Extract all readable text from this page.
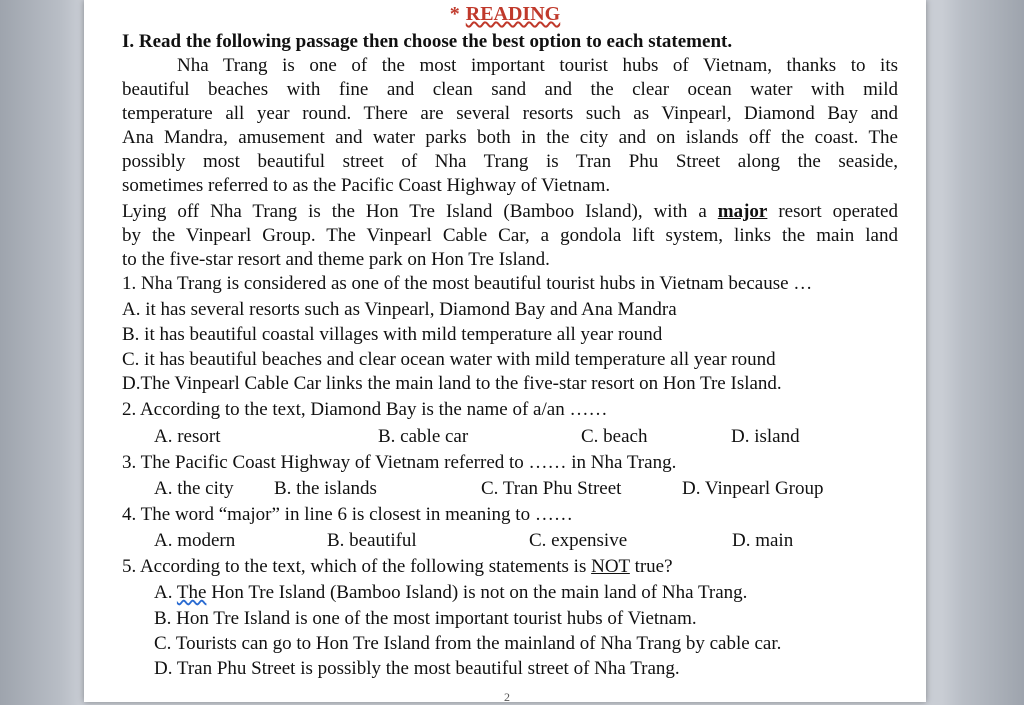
* READING
I. Read the following passage then choose the best option to each statement.
Nha Trang is one of the most important tourist hubs of Vietnam, thanks to its
beautiful beaches with fine and clean sand and the clear ocean water with mild
temperature all year round. There are several resorts such as Vinpearl, Diamond Bay and
Ana Mandra, amusement and water parks both in the city and on islands off the coast. The
possibly most beautiful street of Nha Trang is Tran Phu Street along the seaside,
sometimes referred to as the Pacific Coast Highway of Vietnam.
Lying off Nha Trang is the Hon Tre Island (Bamboo Island), with a major resort operated
by the Vinpearl Group. The Vinpearl Cable Car, a gondola lift system, links the main land
to the five-star resort and theme park on Hon Tre Island.
1. Nha Trang is considered as one of the most beautiful tourist hubs in Vietnam because …
A. it has several resorts such as Vinpearl, Diamond Bay and Ana Mandra
B. it has beautiful coastal villages with mild temperature all year round
C. it has beautiful beaches and clear ocean water with mild temperature all year round
D.The Vinpearl Cable Car links the main land to the five-star resort on Hon Tre Island.
2. According to the text, Diamond Bay is the name of a/an ……
A. resort	B. cable car	C. beach	D. island
3. The Pacific Coast Highway of Vietnam referred to …… in Nha Trang.
A. the city B. the islands	C. Tran Phu Street	D. Vinpearl Group
4. The word “major” in line 6 is closest in meaning to ……
A. modern	B. beautiful	C. expensive	D. main
5. According to the text, which of the following statements is NOT true?
A. The Hon Tre Island (Bamboo Island) is not on the main land of Nha Trang.
B. Hon Tre Island is one of the most important tourist hubs of Vietnam.
C. Tourists can go to Hon Tre Island from the mainland of Nha Trang by cable car.
D. Tran Phu Street is possibly the most beautiful street of Nha Trang.
2
